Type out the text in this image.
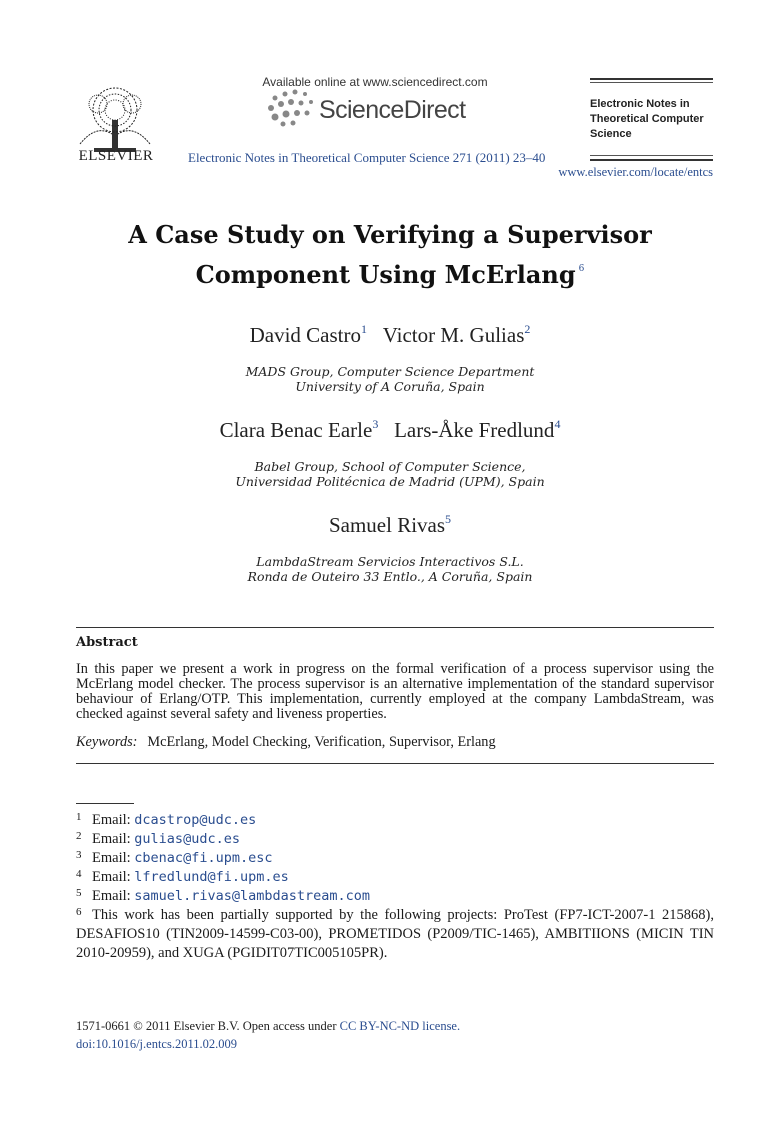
ELSEVIER
Available online at www.sciencedirect.com
ScienceDirect
Electronic Notes in Theoretical Computer Science 271 (2011) 23–40
Electronic Notes in
Theoretical Computer
Science
www.elsevier.com/locate/entcs
A Case Study on Verifying a Supervisor
Component Using McErlang $^6$
David Castro$^1$ Victor M. Gulias$^2$
MADS Group, Computer Science Department
University of A Coruña, Spain
Clara Benac Earle$^3$ Lars-Åke Fredlund$^4$
Babel Group, School of Computer Science,
Universidad Politécnica de Madrid (UPM), Spain
Samuel Rivas$^5$
LambdaStream Servicios Interactivos S.L.
Ronda de Outeiro 33 Entlo., A Coruña, Spain
Abstract
In this paper we present a work in progress on the formal verification of a process supervisor using the McErlang model checker. The process supervisor is an alternative implementation of the standard supervisor behaviour of Erlang/OTP. This implementation, currently employed at the company LambdaStream, was checked against several safety and liveness properties.
Keywords: McErlang, Model Checking, Verification, Supervisor, Erlang
1 Email: dcastrop@udc.es
2 Email: gulias@udc.es
3 Email: cbenac@fi.upm.esc
4 Email: lfredlund@fi.upm.es
5 Email: samuel.rivas@lambdastream.com
6 This work has been partially supported by the following projects: ProTest (FP7-ICT-2007-1 215868), DESAFIOS10 (TIN2009-14599-C03-00), PROMETIDOS (P2009/TIC-1465), AMBITIIONS (MICIN TIN 2010-20959), and XUGA (PGIDIT07TIC005105PR).
1571-0661 © 2011 Elsevier B.V. Open access under CC BY-NC-ND license.
doi:10.1016/j.entcs.2011.02.009
